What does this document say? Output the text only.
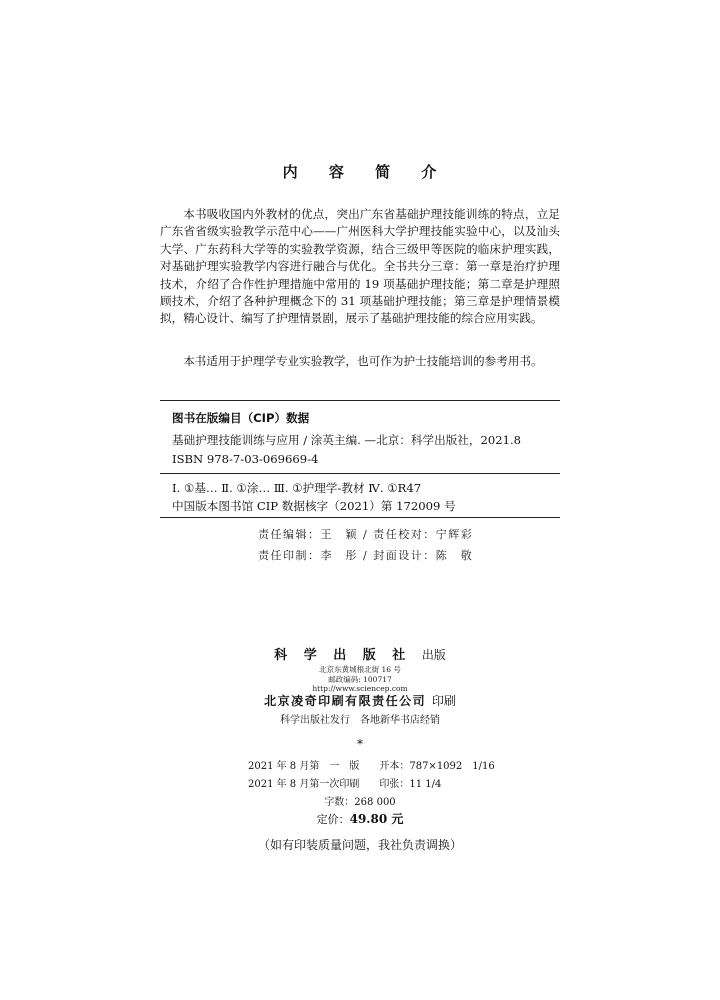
内 容 简 介
本书吸收国内外教材的优点，突出广东省基础护理技能训练的特点，立足广东省省级实验教学示范中心——广州医科大学护理技能实验中心，以及汕头大学、广东药科大学等的实验教学资源，结合三级甲等医院的临床护理实践，对基础护理实验教学内容进行融合与优化。全书共分三章：第一章是治疗护理技术，介绍了合作性护理措施中常用的 19 项基础护理技能；第二章是护理照顾技术，介绍了各种护理概念下的 31 项基础护理技能；第三章是护理情景模拟，精心设计、编写了护理情景剧，展示了基础护理技能的综合应用实践。
本书适用于护理学专业实验教学，也可作为护士技能培训的参考用书。
图书在版编目（CIP）数据
基础护理技能训练与应用 / 涂英主编. —北京：科学出版社，2021.8
ISBN 978-7-03-069669-4
Ⅰ. ①基… Ⅱ. ①涂… Ⅲ. ①护理学-教材 Ⅳ. ①R47
中国版本图书馆 CIP 数据核字（2021）第 172009 号
责任编辑：王　颖 / 责任校对：宁辉彩
责任印制：李　彤 / 封面设计：陈　敬
科 学 出 版 社 出版
北京东黄城根北街 16 号
邮政编码: 100717
http://www.sciencep.com
北京凌奇印刷有限责任公司 印刷
科学出版社发行　各地新华书店经销
*
2021 年 8 月第　一　版　　开本：787×1092　1/16
2021 年 8 月第一次印刷　　印张：11 1/4
字数：268 000
定价：49.80 元
（如有印装质量问题，我社负责调换）
